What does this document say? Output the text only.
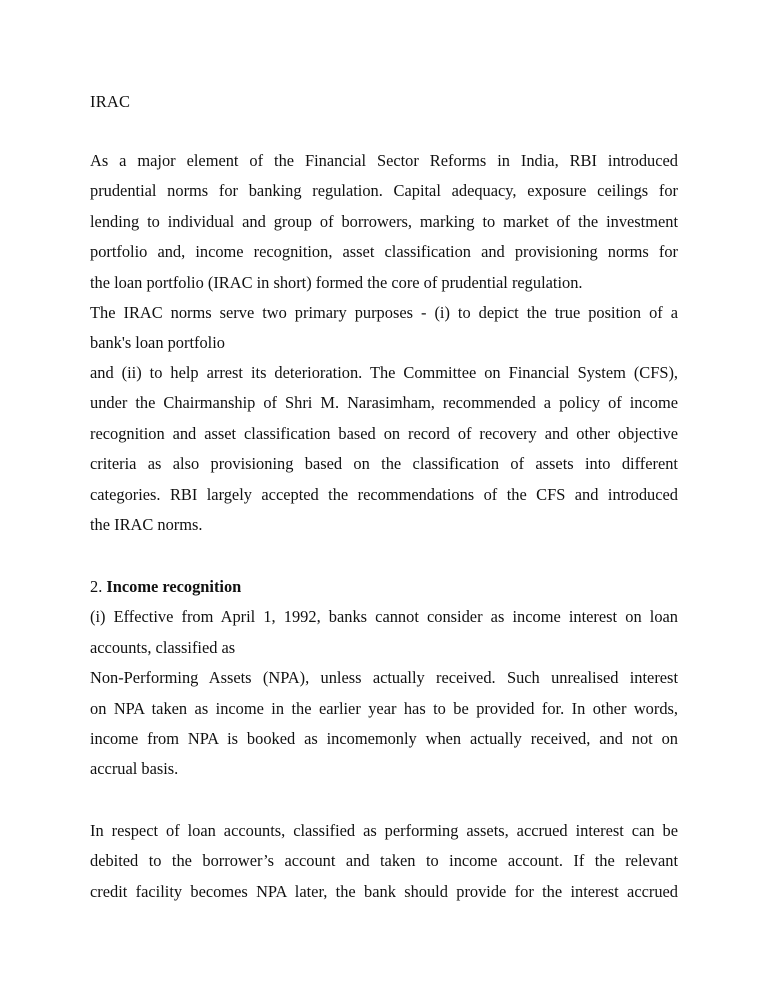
IRAC
As a major element of the Financial Sector Reforms in India, RBI introduced
prudential norms for banking regulation. Capital adequacy, exposure ceilings for
lending to individual and group of borrowers, marking to market of the investment
portfolio and, income recognition, asset classification and provisioning norms for
the loan portfolio (IRAC in short) formed the core of prudential regulation.
The IRAC norms serve two primary purposes - (i) to depict the true position of a
bank's loan portfolio
and (ii) to help arrest its deterioration. The Committee on Financial System (CFS),
under the Chairmanship of Shri M. Narasimham, recommended a policy of income
recognition and asset classification based on record of recovery and other objective
criteria as also provisioning based on the classification of assets into different
categories. RBI largely accepted the recommendations of the CFS and introduced
the IRAC norms.
2. Income recognition
(i) Effective from April 1, 1992, banks cannot consider as income interest on loan
accounts, classified as
Non-Performing Assets (NPA), unless actually received. Such unrealised interest
on NPA taken as income in the earlier year has to be provided for. In other words,
income from NPA is booked as incomemonly when actually received, and not on
accrual basis.
In respect of loan accounts, classified as performing assets, accrued interest can be
debited to the borrower’s account and taken to income account. If the relevant
credit facility becomes NPA later, the bank should provide for the interest accrued
